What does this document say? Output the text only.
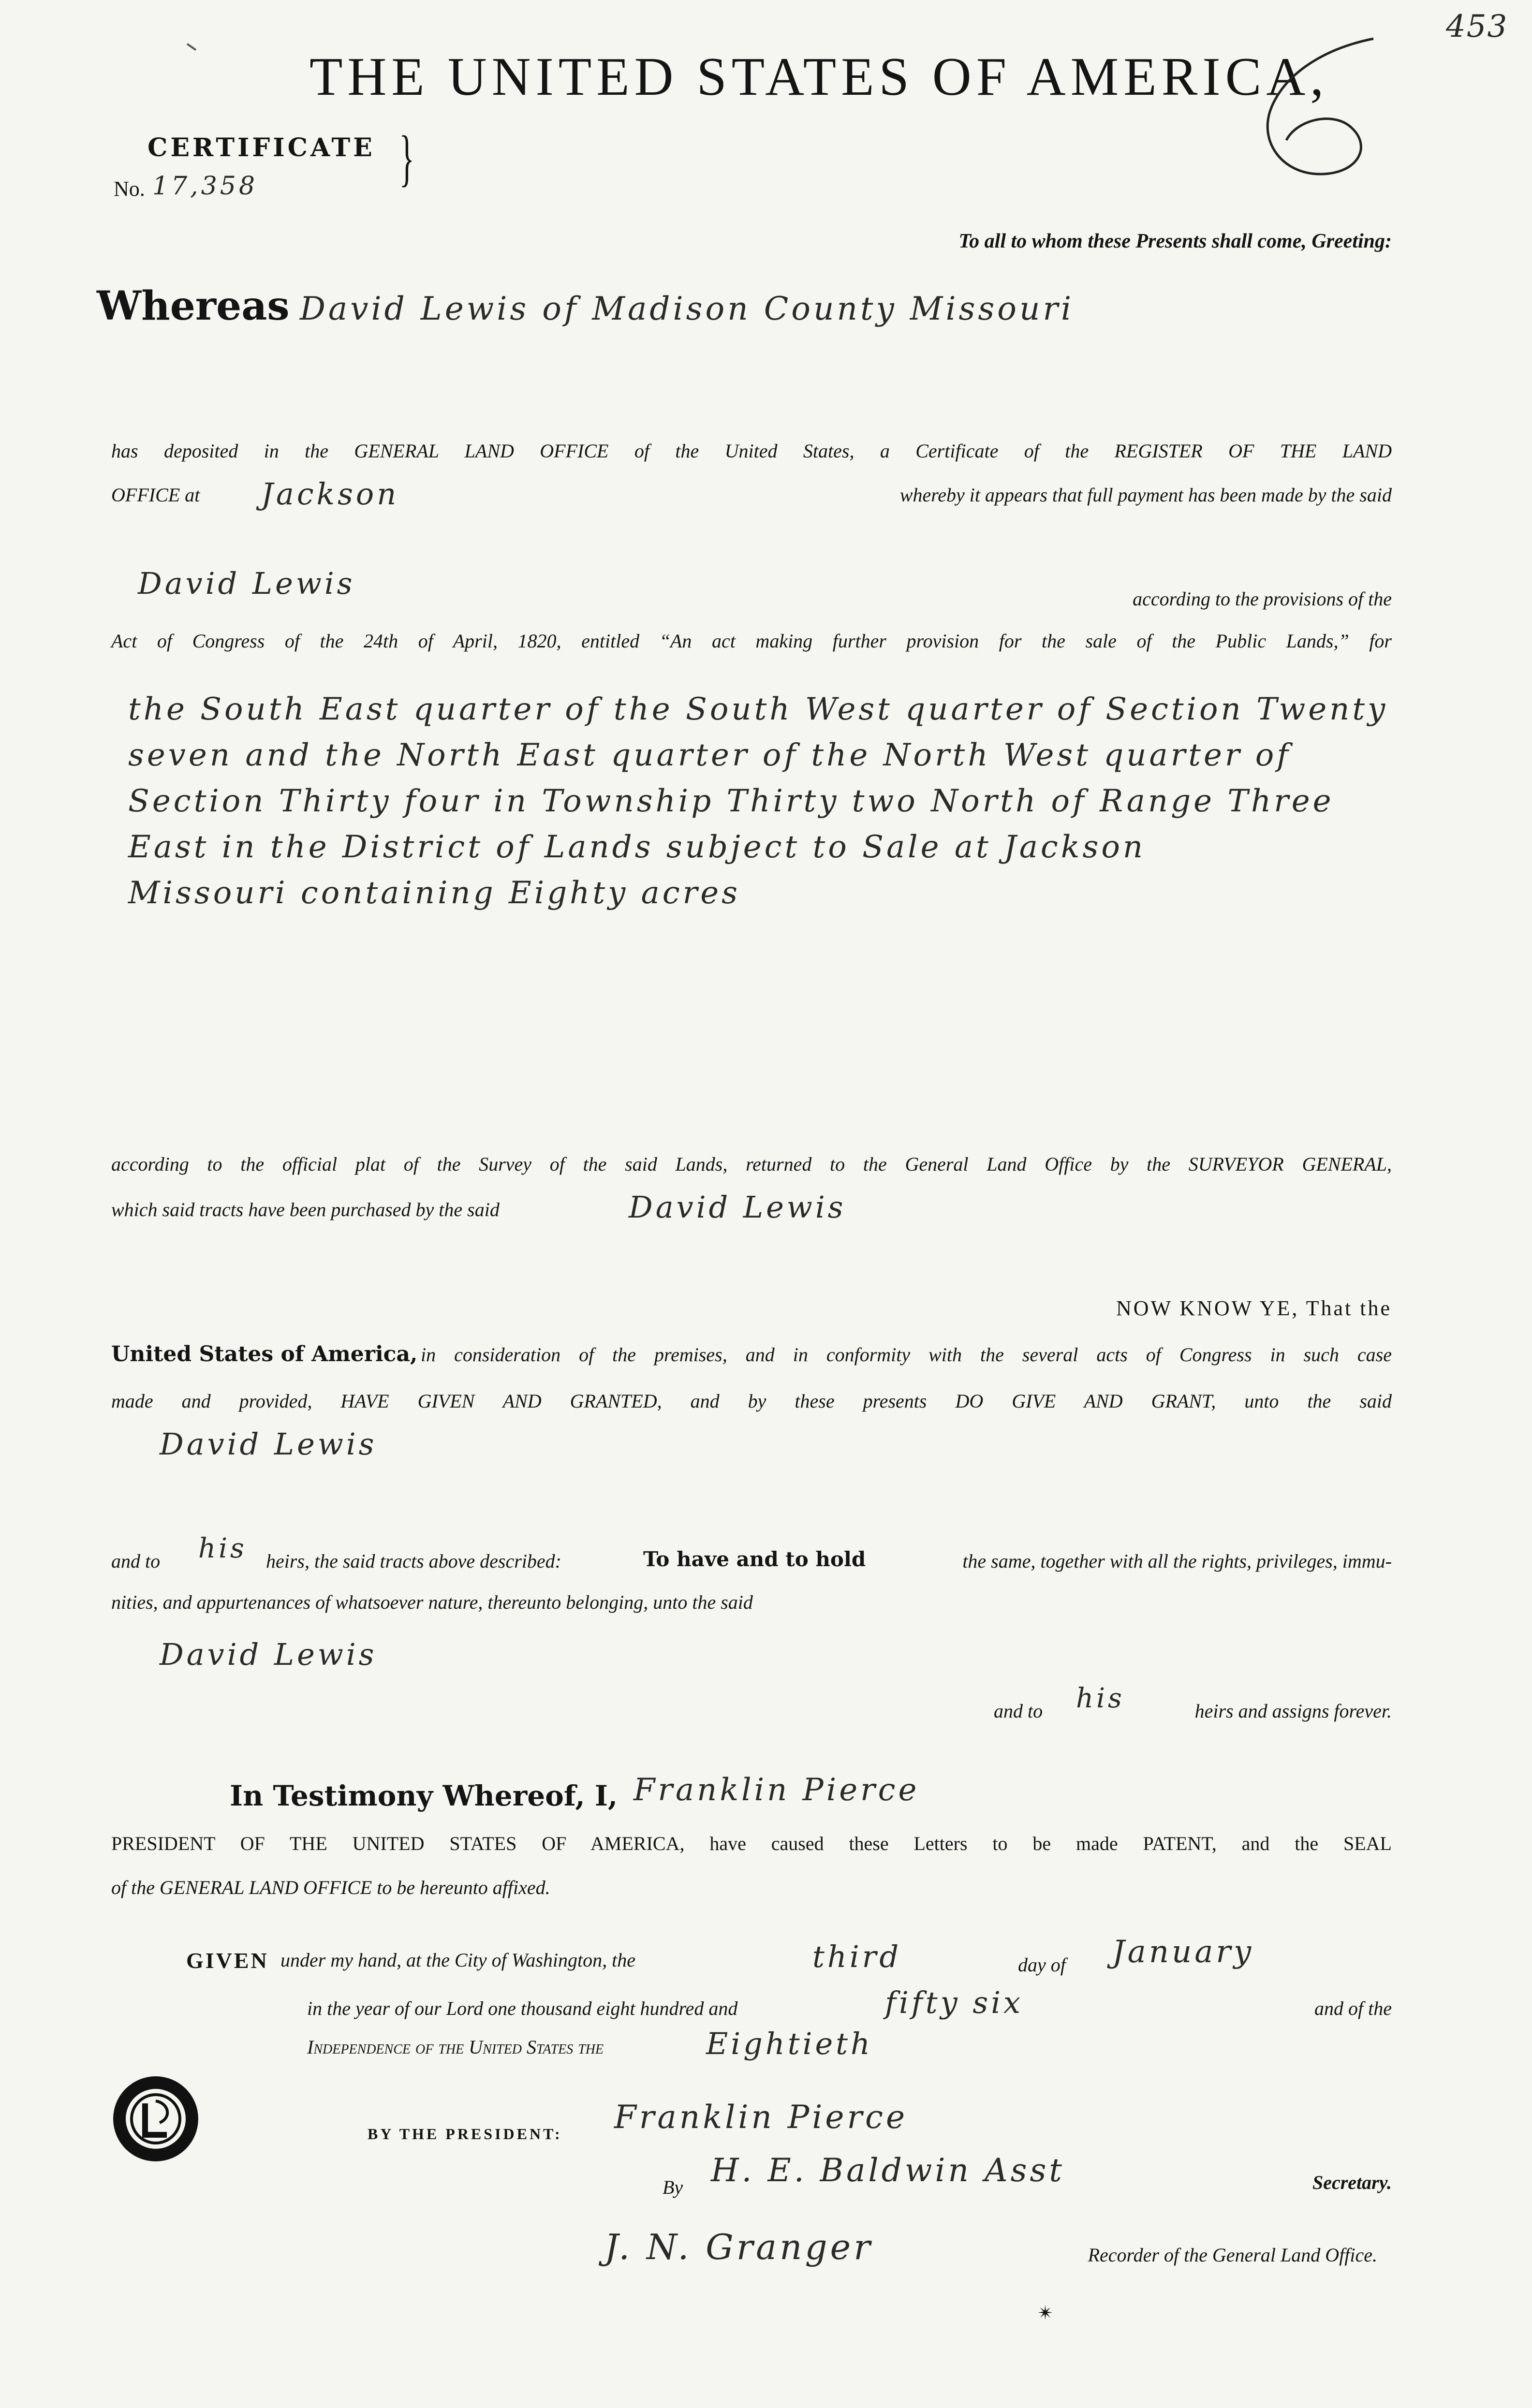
453
THE UNITED STATES OF AMERICA,
CERTIFICATE }
No. 17,358
To all to whom these Presents shall come, Greeting:
Whereas David Lewis of Madison County Missouri
has deposited in the GENERAL LAND OFFICE of the United States, a Certificate of the REGISTER OF THE LAND
OFFICE at Jackson	whereby it appears that full payment has been made by the said
David Lewis	according to the provisions of the
Act of Congress of the 24th of April, 1820, entitled “An act making further provision for the sale of the Public Lands,” for
the South East quarter of the South West quarter of Section Twenty
seven and the North East quarter of the North West quarter of
Section Thirty four in Township Thirty two North of Range Three
East in the District of Lands subject to Sale at Jackson
Missouri containing Eighty acres
according to the official plat of the Survey of the said Lands, returned to the General Land Office by the SURVEYOR GENERAL,
which said tracts have been purchased by the said	David Lewis
NOW KNOW YE, That the
United States of America, in consideration of the premises, and in conformity with the several acts of Congress in such case
made and provided, HAVE GIVEN AND GRANTED, and by these presents DO GIVE AND GRANT, unto the said
David Lewis
and to his heirs, the said tracts above described:	To have and to hold	the same, together with all the rights, privileges, immu-
nities, and appurtenances of whatsoever nature, thereunto belonging, unto the said
David Lewis
and to his	heirs and assigns forever.
In Testimony Whereof, I, Franklin Pierce
PRESIDENT OF THE UNITED STATES OF AMERICA, have caused these Letters to be made PATENT, and the SEAL
of the GENERAL LAND OFFICE to be hereunto affixed.
GIVEN under my hand, at the City of Washington, the	third	day of January
in the year of our Lord one thousand eight hundred and	fifty six	and of the
Independence of the United States the	Eightieth
BY THE PRESIDENT: Franklin Pierce
By H. E. Baldwin Asst	Secretary.
J. N. Granger	Recorder of the General Land Office.
✴
